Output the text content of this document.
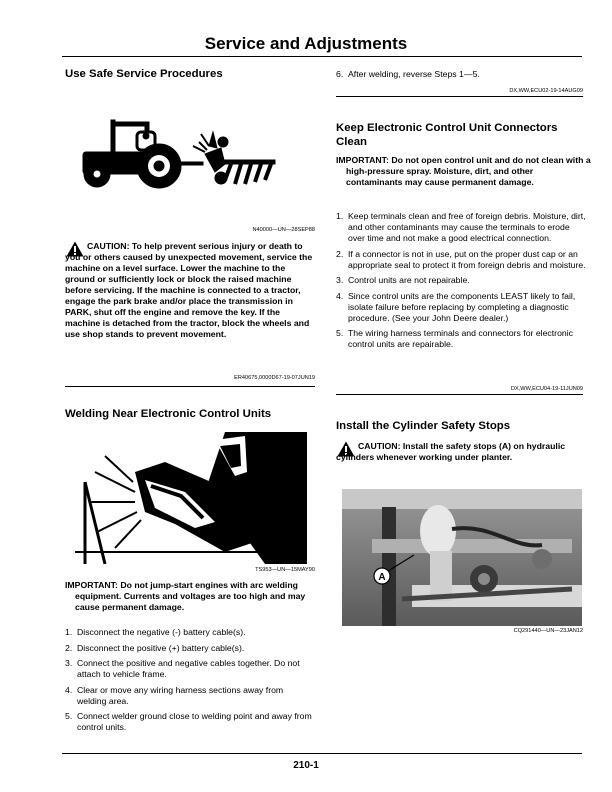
Service and Adjustments
Use Safe Service Procedures
N40000—UN—28SEP88
CAUTION: To help prevent serious injury or death to you or others caused by unexpected movement, service the machine on a level surface. Lower the machine to the ground or sufficiently lock or block the raised machine before servicing. If the machine is connected to a tractor, engage the park brake and/or place the transmission in PARK, shut off the engine and remove the key. If the machine is detached from the tractor, block the wheels and use shop stands to prevent movement.
ER40675,0000D67-19-07JUN19
Welding Near Electronic Control Units
TS953—UN—15MAY90
IMPORTANT: Do not jump-start engines with arc welding equipment. Currents and voltages are too high and may cause permanent damage.
1. Disconnect the negative (-) battery cable(s).
2. Disconnect the positive (+) battery cable(s).
3. Connect the positive and negative cables together. Do not attach to vehicle frame.
4. Clear or move any wiring harness sections away from welding area.
5. Connect welder ground close to welding point and away from control units.
6. After welding, reverse Steps 1—5.
DX,WW,ECU02-19-14AUG09
Keep Electronic Control Unit Connectors
Clean
IMPORTANT: Do not open control unit and do not clean with a high-pressure spray. Moisture, dirt, and other contaminants may cause permanent damage.
1. Keep terminals clean and free of foreign debris. Moisture, dirt, and other contaminants may cause the terminals to erode over time and not make a good electrical connection.
2. If a connector is not in use, put on the proper dust cap or an appropriate seal to protect it from foreign debris and moisture.
3. Control units are not repairable.
4. Since control units are the components LEAST likely to fail, isolate failure before replacing by completing a diagnostic procedure. (See your John Deere dealer.)
5. The wiring harness terminals and connectors for electronic control units are repairable.
DX,WW,ECU04-19-11JUN09
Install the Cylinder Safety Stops
CAUTION: Install the safety stops (A) on hydraulic cylinders whenever working under planter.
A
CQ291440—UN—23JAN12
210-1
